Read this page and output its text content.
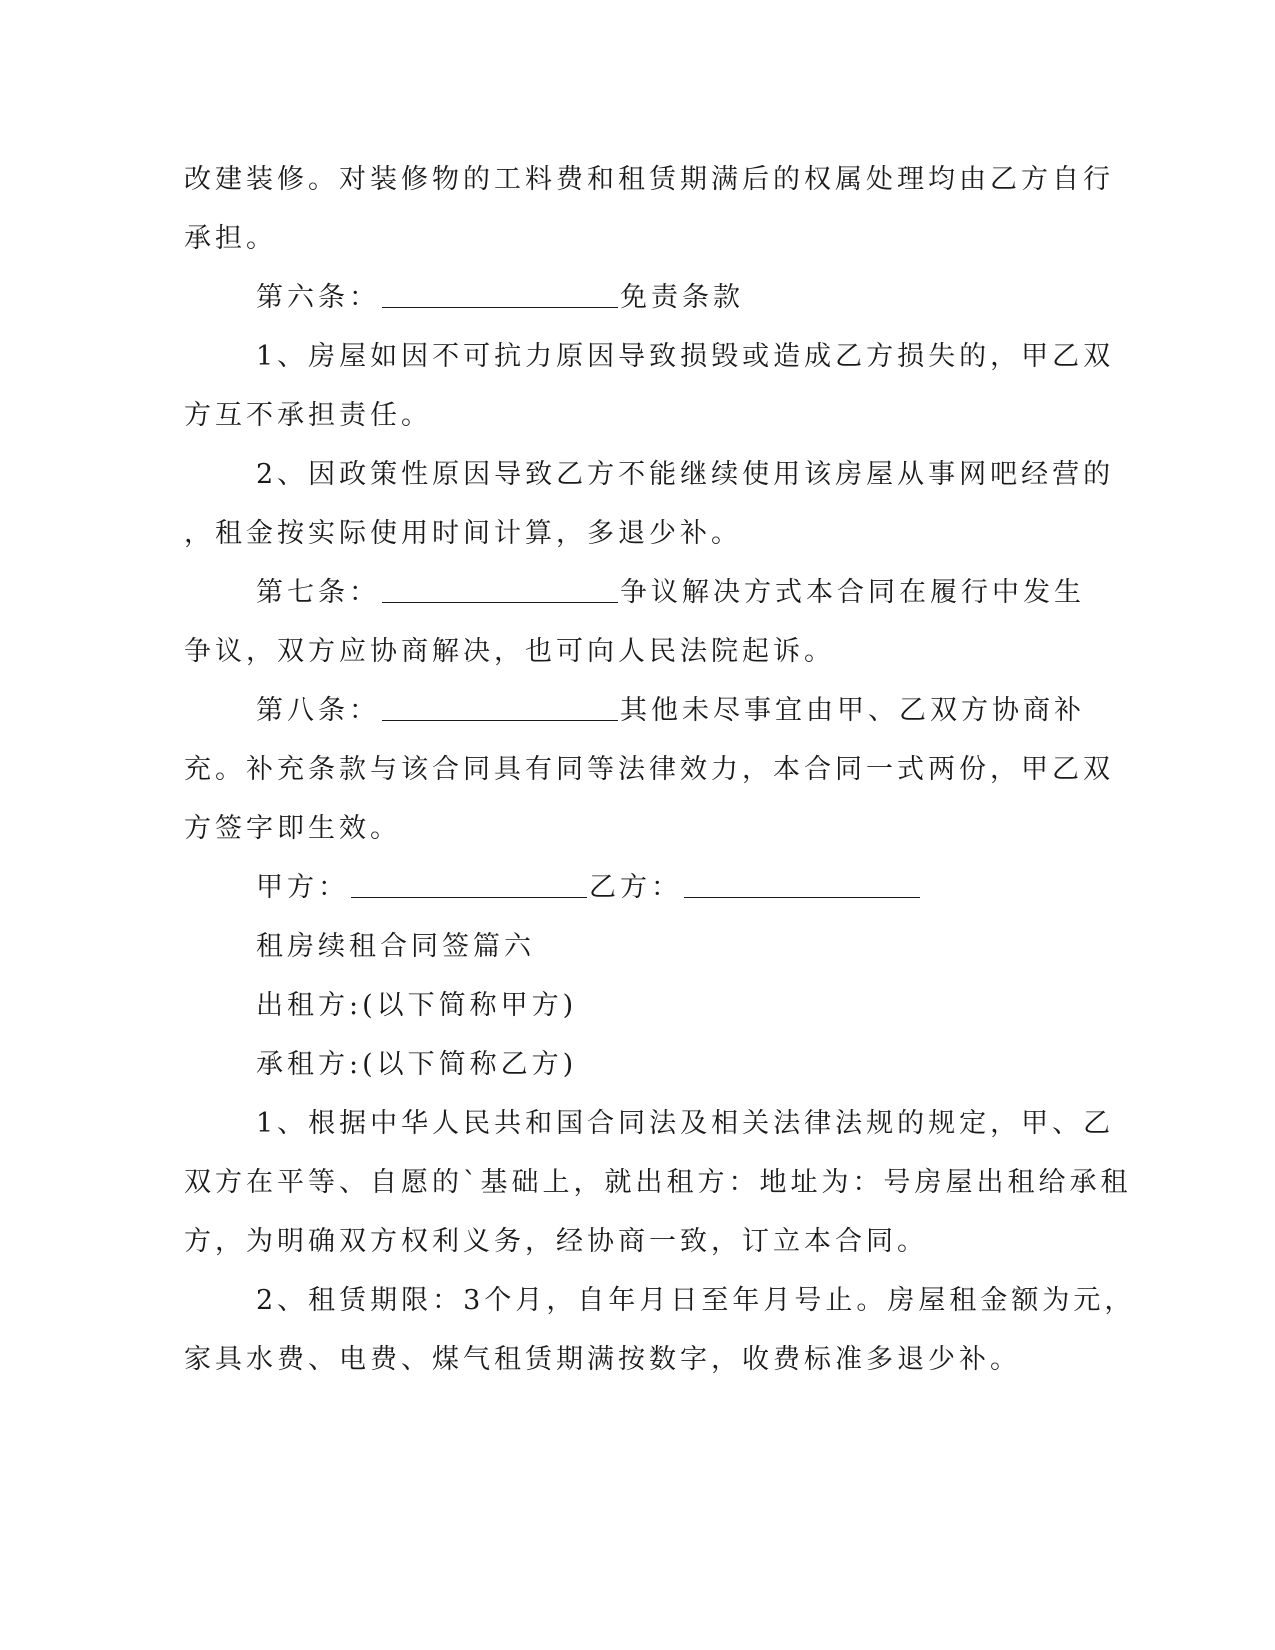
改建装修。对装修物的工料费和租赁期满后的权属处理均由乙方自行
承担。
第六条：	免责条款
1、房屋如因不可抗力原因导致损毁或造成乙方损失的，甲乙双
方互不承担责任。
2、因政策性原因导致乙方不能继续使用该房屋从事网吧经营的
，租金按实际使用时间计算，多退少补。
第七条：	争议解决方式本合同在履行中发生
争议，双方应协商解决，也可向人民法院起诉。
第八条：	其他未尽事宜由甲、乙双方协商补
充。补充条款与该合同具有同等法律效力，本合同一式两份，甲乙双
方签字即生效。
甲方：	乙方：
租房续租合同签篇六
出租方:(以下简称甲方)
承租方:(以下简称乙方)
1、根据中华人民共和国合同法及相关法律法规的规定，甲、乙
双方在平等、自愿的`基础上，就出租方：地址为：号房屋出租给承租
方，为明确双方权利义务，经协商一致，订立本合同。
2、租赁期限：3个月，自年月日至年月号止。房屋租金额为元，
家具水费、电费、煤气租赁期满按数字，收费标准多退少补。
